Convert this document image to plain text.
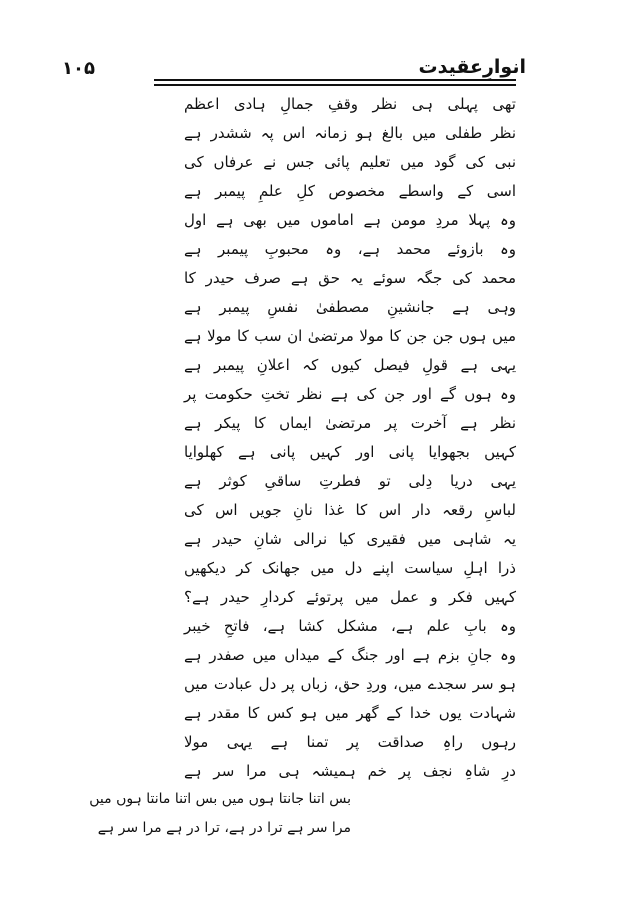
انوارِعقیدت
۱۰۵
تھی پہلی ہی نظر وقفِ جمالِ ہادی اعظم
نظر طفلی میں بالغ ہو زمانہ اس پہ ششدر ہے
نبی کی گود میں تعلیم پائی جس نے عرفاں کی
اسی کے واسطے مخصوص کلِ علمِ پیمبر ہے
وہ پہلا مردِ مومن ہے اماموں میں بھی ہے اول
وہ بازوئے محمد ہے، وہ محبوبِ پیمبر ہے
محمد کی جگہ سوئے یہ حق ہے صرف حیدر کا
وہی ہے جانشینِ مصطفیٰ نفسِ پیمبر ہے
میں ہوں جن جن کا مولا مرتضیٰ ان سب کا مولا ہے
یہی ہے قولِ فیصل کیوں کہ اعلانِ پیمبر ہے
وہ ہوں گے اور جن کی ہے نظر تختِ حکومت پر
نظر ہے آخرت پر مرتضیٰ ایماں کا پیکر ہے
کہیں بجھوایا پانی اور کہیں پانی ہے کھلوایا
یہی دریا دِلی تو فطرتِ ساقیِ کوثر ہے
لباسِ رقعہ دار اس کا غذا نانِ جویں اس کی
یہ شاہی میں فقیری کیا نرالی شانِ حیدر ہے
ذرا اہلِ سیاست اپنے دل میں جھانک کر دیکھیں
کہیں فکر و عمل میں پرتوئے کردارِ حیدر ہے؟
وہ بابِ علم ہے، مشکل کشا ہے، فاتحِ خیبر
وہ جانِ بزم ہے اور جنگ کے میداں میں صفدر ہے
ہو سر سجدے میں، وردِ حق، زباں پر دل عبادت میں
شہادت یوں خدا کے گھر میں ہو کس کا مقدر ہے
رہوں راہِ صداقت پر تمنا ہے یہی مولا
درِ شاہِ نجف پر خم ہمیشہ ہی مرا سر ہے
بس اتنا جانتا ہوں میں بس اتنا مانتا ہوں میں
مرا سر ہے ترا در ہے، ترا در ہے مرا سر ہے
